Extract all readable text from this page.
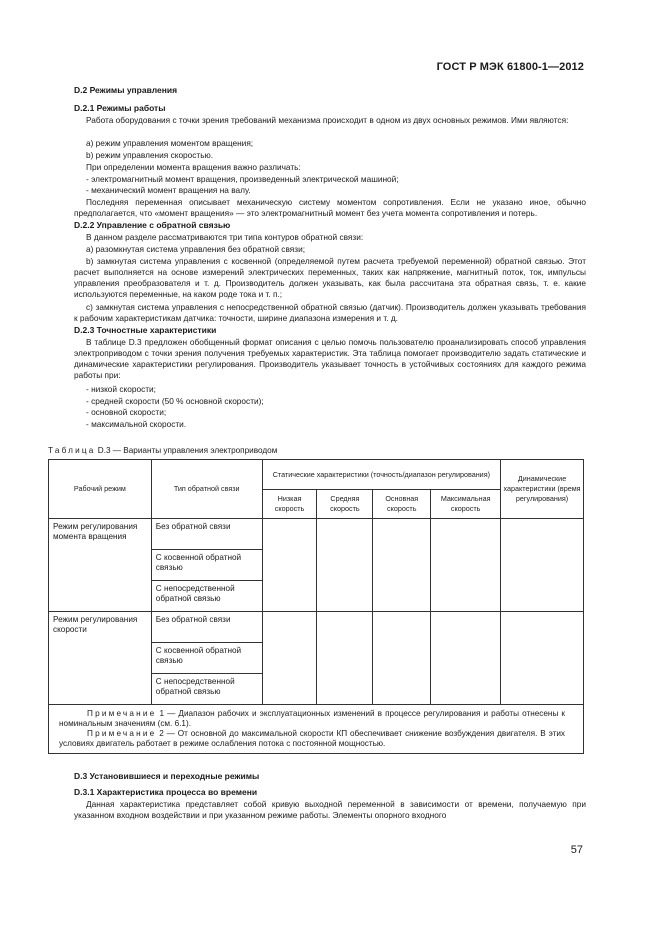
ГОСТ Р МЭК 61800-1—2012

D.2 Режимы управления

D.2.1 Режимы работы

Работа оборудования с точки зрения требований механизма происходит в одном из двух основных режимов. Ими являются:

а) режим управления моментом вращения;

b) режим управления скоростью.

При определении момента вращения важно различать:

- электромагнитный момент вращения, произведенный электрической машиной;

- механический момент вращения на валу.

Последняя переменная описывает механическую систему моментом сопротивления. Если не указано иное, обычно предполагается, что «момент вращения» — это электромагнитный момент без учета момента сопротивления и потерь.

D.2.2 Управление с обратной связью

В данном разделе рассматриваются три типа контуров обратной связи:

а) разомкнутая система управления без обратной связи;

b) замкнутая система управления с косвенной (определяемой путем расчета требуемой переменной) обратной связью. Этот расчет выполняется на основе измерений электрических переменных, таких как напряжение, магнитный поток, ток, импульсы управления преобразователя и т. д. Производитель должен указывать, как была рассчитана эта обратная связь, т. е. какие используются переменные, на каком роде тока и т. п.;

с) замкнутая система управления с непосредственной обратной связью (датчик). Производитель должен указывать требования к рабочим характеристикам датчика: точности, ширине диапазона измерения и т. д.

D.2.3 Точностные характеристики

В таблице D.3 предложен обобщенный формат описания с целью помочь пользователю проанализировать способ управления электроприводом с точки зрения получения требуемых характеристик. Эта таблица помогает производителю задать статические и динамические характеристики регулирования. Производитель указывает точность в устойчивых состояниях для каждого режима работы при:

- низкой скорости;

- средней скорости (50 % основной скорости);

- основной скорости;

- максимальной скорости.

Таблица D.3 — Варианты управления электроприводом
Рабочий режим	Тип обратной связи	Статические характеристики (точность/диапазон регулирования)				Динамические характеристики (время регулирования)
		Низкая скорость	Средняя скорость	Основная скорость	Максимальная скорость	
Режим регулирования момента вращения	Без обратной связи					
	С косвенной обратной связью					
	С непосредственной обратной связью					
Режим регулирования скорости	Без обратной связи					
	С косвенной обратной связью					
	С непосредственной обратной связью					

Примечание 1 — Диапазон рабочих и эксплуатационных изменений в процессе регулирования и работы отнесены к номинальным значениям (см. 6.1).
Примечание 2 — От основной до максимальной скорости КП обеспечивает снижение возбуждения двигателя. В этих условиях двигатель работает в режиме ослабления потока с постоянной мощностью.						

D.3 Установившиеся и переходные режимы

D.3.1 Характеристика процесса во времени

Данная характеристика представляет собой кривую выходной переменной в зависимости от времени, получаемую при указанном входном воздействии и при указанном режиме работы. Элементы опорного входного

57
